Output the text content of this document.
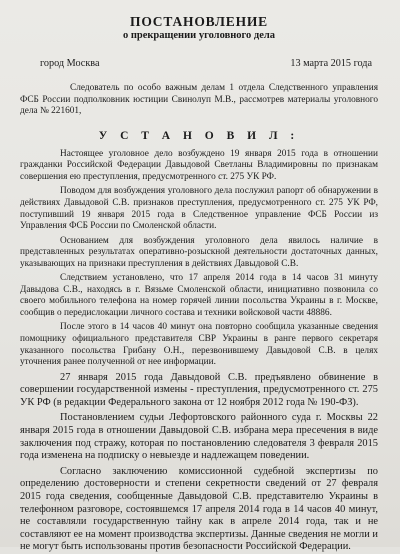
ПОСТАНОВЛЕНИЕ
о прекращении уголовного дела
город Москва	13 марта 2015 года
Следователь по особо важным делам 1 отдела Следственного управления ФСБ России подполковник юстиции Свинолуп М.В., рассмотрев материалы уголовного дела № 221601,
У С Т А Н О В И Л :

Настоящее уголовное дело возбуждено 19 января 2015 года в отношении гражданки Российской Федерации Давыдовой Светланы Владимировны по признакам совершения ею преступления, предусмотренного ст. 275 УК РФ.

Поводом для возбуждения уголовного дела послужил рапорт об обнаружении в действиях Давыдовой С.В. признаков преступления, предусмотренного ст. 275 УК РФ, поступивший 19 января 2015 года в Следственное управление ФСБ России из Управления ФСБ России по Смоленской области.

Основанием для возбуждения уголовного дела явилось наличие в представленных результатах оперативно-розыскной деятельности достаточных данных, указывающих на признаки преступления в действиях Давыдовой С.В.

Следствием установлено, что 17 апреля 2014 года в 14 часов 31 минуту Давыдова С.В., находясь в г. Вязьме Смоленской области, инициативно позвонила со своего мобильного телефона на номер горячей линии посольства Украины в г. Москве, сообщив о передислокации личного состава и техники войсковой части 48886.

После этого в 14 часов 40 минут она повторно сообщила указанные сведения помощнику официального представителя СВР Украины в ранге первого секретаря указанного посольства Грибану О.Н., перезвонившему Давыдовой С.В. в целях уточнения ранее полученной от нее информации.

27 января 2015 года Давыдовой С.В. предъявлено обвинение в совершении государственной измены - преступления, предусмотренного ст. 275 УК РФ (в редакции Федерального закона от 12 ноября 2012 года № 190-ФЗ).

Постановлением судьи Лефортовского районного суда г. Москвы 22 января 2015 года в отношении Давыдовой С.В. избрана мера пресечения в виде заключения под стражу, которая по постановлению следователя 3 февраля 2015 года изменена на подписку о невыезде и надлежащем поведении.

Согласно заключению комиссионной судебной экспертизы по определению достоверности и степени секретности сведений от 27 февраля 2015 года сведения, сообщенные Давыдовой С.В. представителю Украины в телефонном разговоре, состоявшемся 17 апреля 2014 года в 14 часов 40 минут, не составляли государственную тайну как в апреле 2014 года, так и не составляют ее на момент производства экспертизы. Данные сведения не могли и не могут быть использованы против безопасности Российской Федерации.
